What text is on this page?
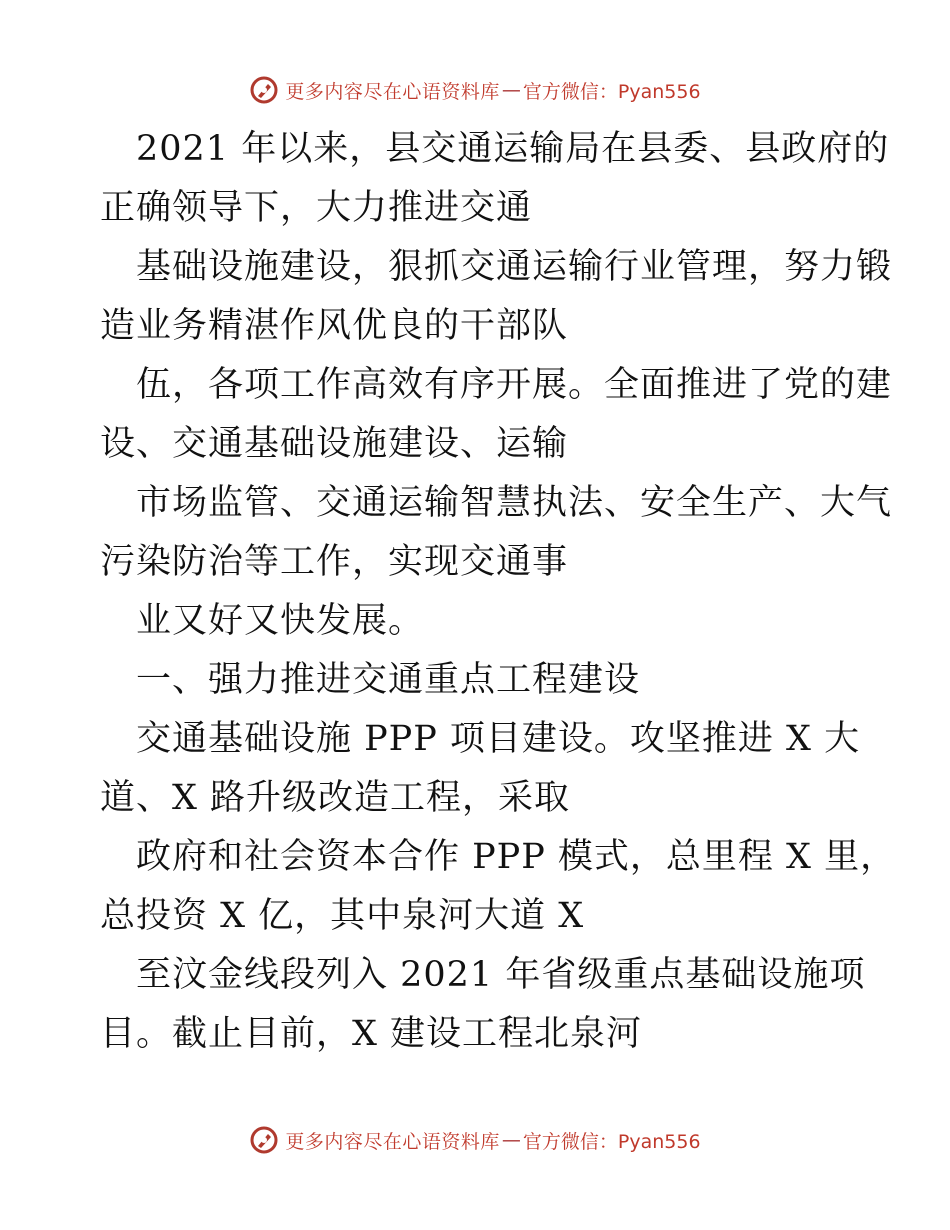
更多内容尽在心语资料库 — 官方微信：Pyan556
2021 年以来，县交通运输局在县委、县政府的
正确领导下，大力推进交通
基础设施建设，狠抓交通运输行业管理，努力锻
造业务精湛作风优良的干部队
伍，各项工作高效有序开展。全面推进了党的建
设、交通基础设施建设、运输
市场监管、交通运输智慧执法、安全生产、大气
污染防治等工作，实现交通事
业又好又快发展。
一、强力推进交通重点工程建设
交通基础设施 PPP 项目建设。攻坚推进 X 大
道、X 路升级改造工程，采取
政府和社会资本合作 PPP 模式，总里程 X 里，
总投资 X 亿，其中泉河大道 X
至汶金线段列入 2021 年省级重点基础设施项
目。截止目前，X 建设工程北泉河
更多内容尽在心语资料库 — 官方微信：Pyan556
